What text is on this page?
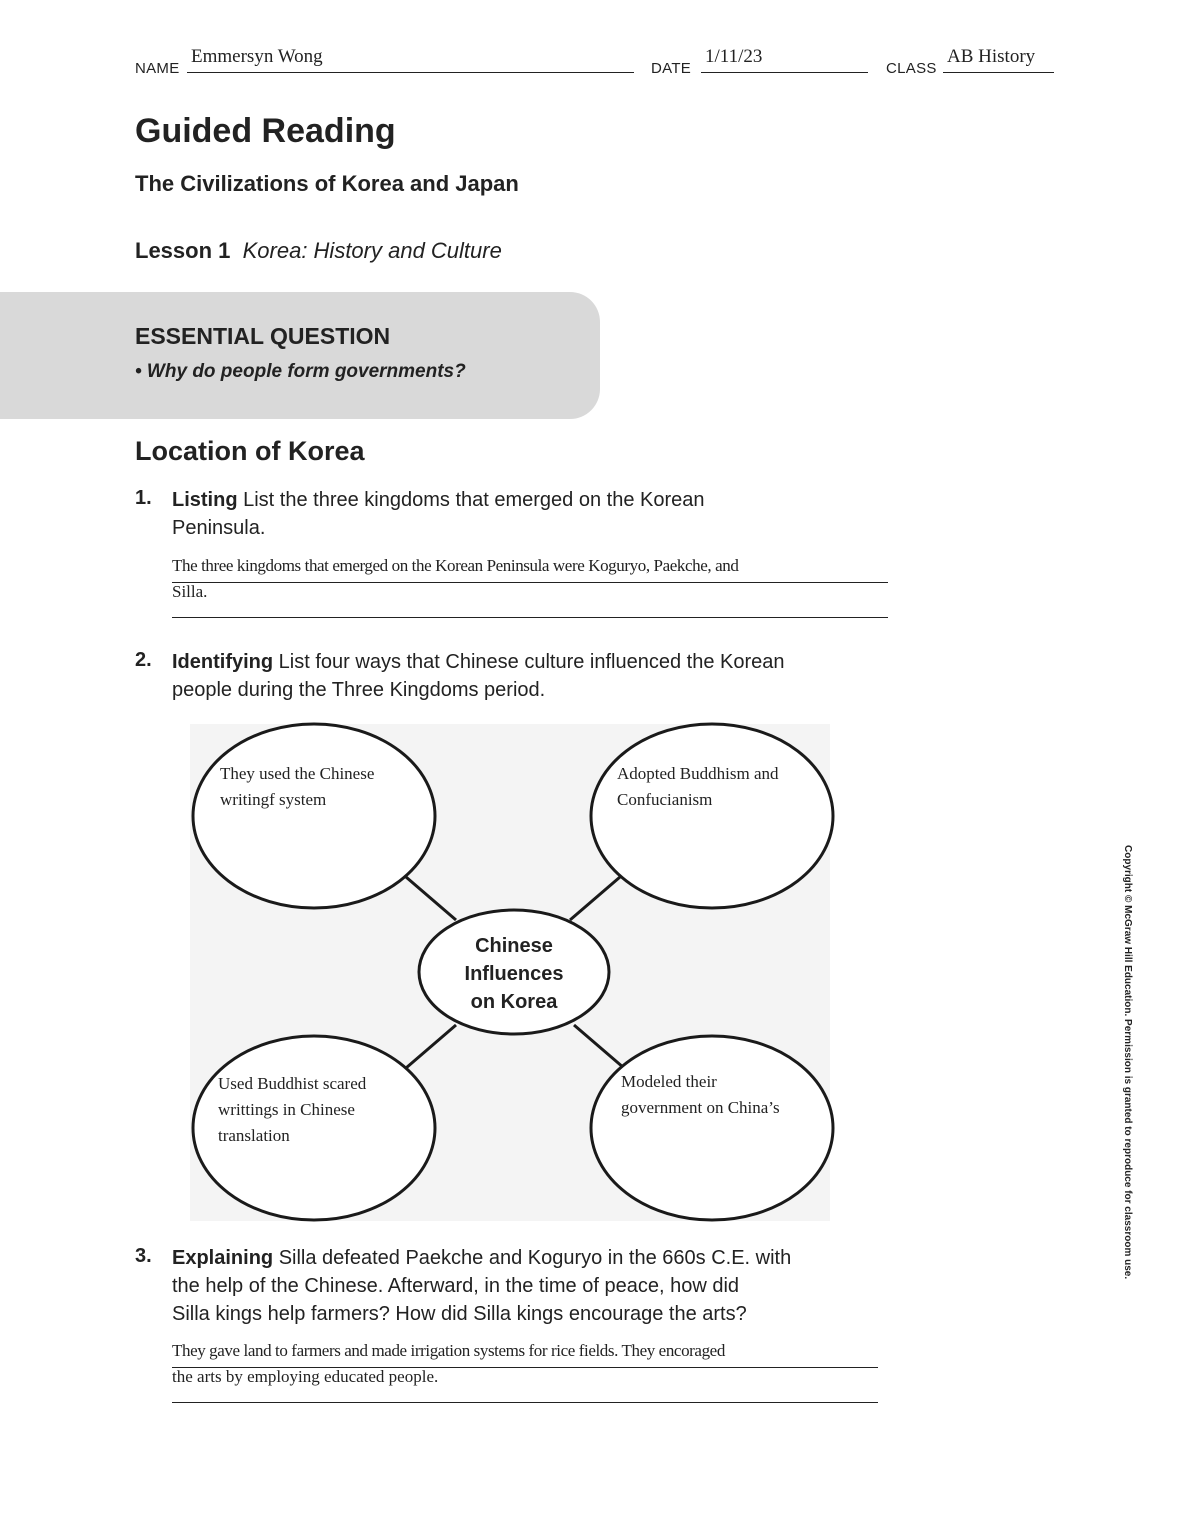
NAME
Emmersyn Wong
DATE
1/11/23
CLASS
AB History
Guided Reading
The Civilizations of Korea and Japan
Lesson 1 Korea: History and Culture
ESSENTIAL QUESTION
• Why do people form governments?
Location of Korea
1. Listing List the three kingdoms that emerged on the Korean
Peninsula.
The three kingdoms that emerged on the Korean Peninsula were Koguryo, Paekche, and
Silla.
2. Identifying List four ways that Chinese culture influenced the Korean
people during the Three Kingdoms period.
They used the Chinese
writingf system
Adopted Buddhism and
Confucianism
Chinese
Influences
on Korea
Used Buddhist scared
writtings in Chinese
translation
Modeled their
government on China’s
3. Explaining Silla defeated Paekche and Koguryo in the 660s C.E. with
the help of the Chinese. Afterward, in the time of peace, how did
Silla kings help farmers? How did Silla kings encourage the arts?
They gave land to farmers and made irrigation systems for rice fields. They encoraged
the arts by employing educated people.
Copyright © McGraw Hill Education. Permission is granted to reproduce for classroom use.
